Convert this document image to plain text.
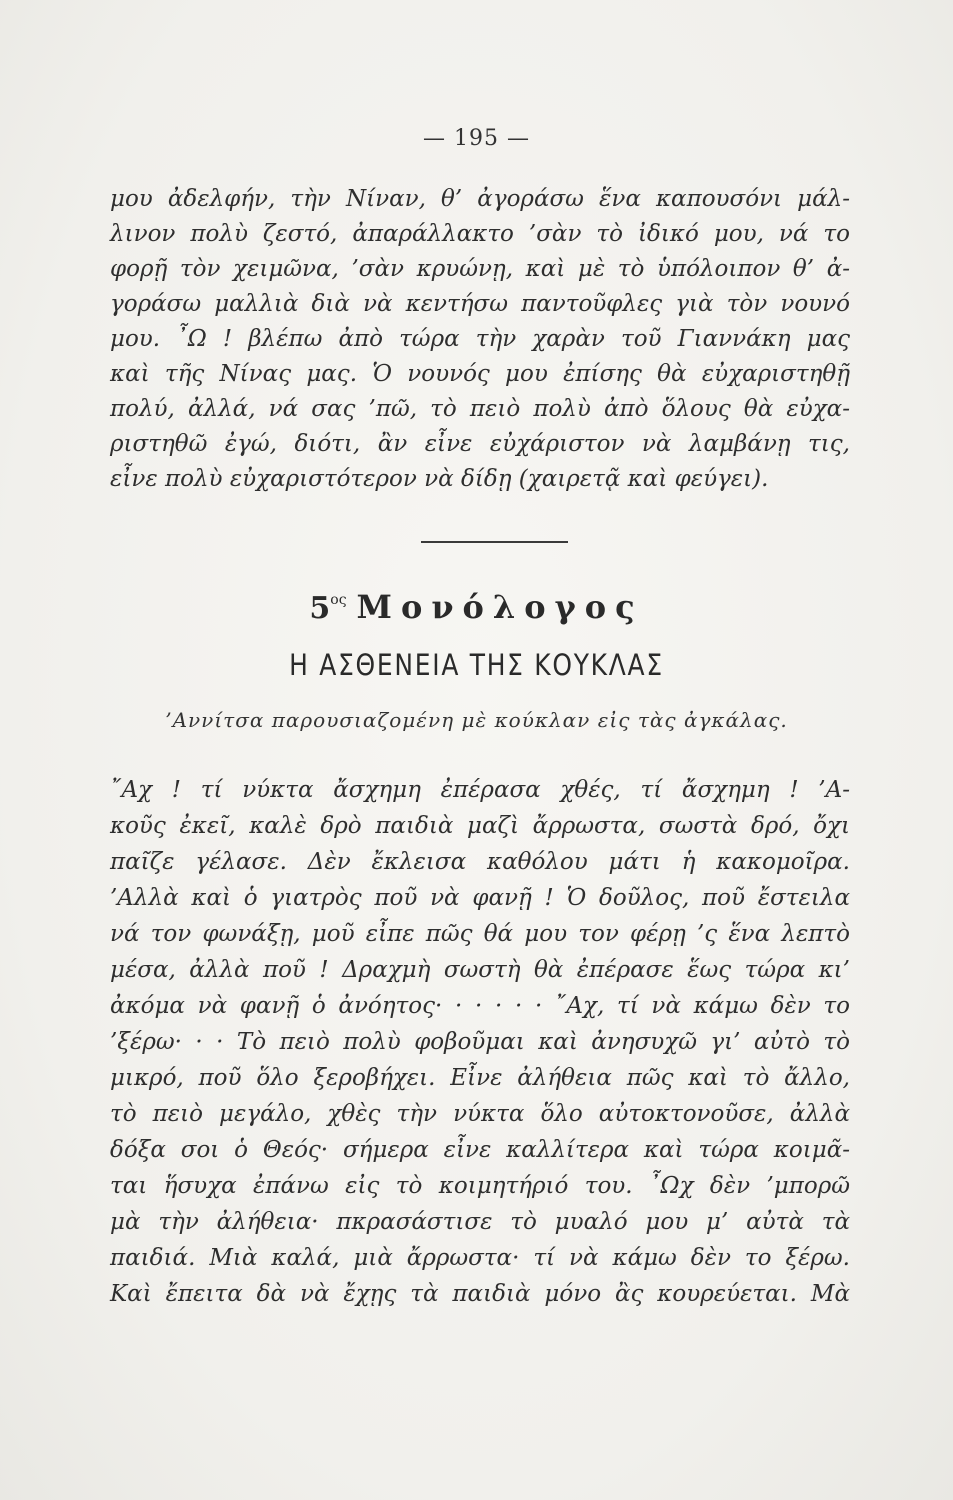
— 195 —
μου ἀδελφήν, τὴν Νίναν, θ’ ἀγοράσω ἕνα καπουσόνι μάλ-
λινον πολὺ ζεστό, ἀπαράλλακτο ’σὰν τὸ ἰδικό μου, νά το
φορῇ τὸν χειμῶνα, ’σὰν κρυώνῃ, καὶ μὲ τὸ ὑπόλοιπον θ’ ἀ-
γοράσω μαλλιὰ διὰ νὰ κεντήσω παντοῦφλες γιὰ τὸν νουνό
μου. ῏Ω ! βλέπω ἀπὸ τώρα τὴν χαρὰν τοῦ Γιαννάκη μας
καὶ τῆς Νίνας μας. Ὁ νουνός μου ἐπίσης θὰ εὐχαριστηθῇ
πολύ, ἀλλά, νά σας ’πῶ, τὸ πειὸ πολὺ ἀπὸ ὅλους θὰ εὐχα-
ριστηθῶ ἐγώ, διότι, ἂν εἶνε εὐχάριστον νὰ λαμβάνῃ τις,
εἶνε πολὺ εὐχαριστότερον νὰ δίδῃ (χαιρετᾷ καὶ φεύγει).
$5^{o\varsigma}$ Μονόλογος
Η ΑΣΘΕΝΕΙΑ ΤΗΣ ΚΟΥΚΛΑΣ
’Αννίτσα παρουσιαζομένη μὲ κούκλαν εἰς τὰς ἀγκάλας.
῎Αχ ! τί νύκτα ἄσχημη ἐπέρασα χθές, τί ἄσχημη ! ’Α-
κοῦς ἐκεῖ, καλὲ δρὸ παιδιὰ μαζὶ ἄρρωστα, σωστὰ δρό, ὄχι
παῖζε γέλασε. Δὲν ἔκλεισα καθόλου μάτι ἡ κακομοῖρα.
’Αλλὰ καὶ ὁ γιατρὸς ποῦ νὰ φανῇ ! Ὁ δοῦλος, ποῦ ἔστειλα
νά τον φωνάξῃ, μοῦ εἶπε πῶς θά μου τον φέρῃ ’ς ἕνα λεπτὸ
μέσα, ἀλλὰ ποῦ ! Δραχμὴ σωστὴ θὰ ἐπέρασε ἕως τώρα κι’
ἀκόμα νὰ φανῇ ὁ ἀνόητος· · · · · · ῎Αχ, τί νὰ κάμω δὲν το
’ξέρω· · · Τὸ πειὸ πολὺ φοβοῦμαι καὶ ἀνησυχῶ γι’ αὐτὸ τὸ
μικρό, ποῦ ὅλο ξεροβήχει. Εἶνε ἀλήθεια πῶς καὶ τὸ ἄλλο,
τὸ πειὸ μεγάλο, χθὲς τὴν νύκτα ὅλο αὐτοκτονοῦσε, ἀλλὰ
δόξα σοι ὁ Θεός· σήμερα εἶνε καλλίτερα καὶ τώρα κοιμᾶ-
ται ἥσυχα ἐπάνω εἰς τὸ κοιμητήριό του. ῏Ωχ δὲν ’μπορῶ
μὰ τὴν ἀλήθεια· πκρασάστισε τὸ μυαλό μου μ’ αὐτὰ τὰ
παιδιά. Μιὰ καλά, μιὰ ἄρρωστα· τί νὰ κάμω δὲν το ξέρω.
Καὶ ἔπειτα δὰ νὰ ἔχῃς τὰ παιδιὰ μόνο ἂς κουρεύεται. Μὰ
